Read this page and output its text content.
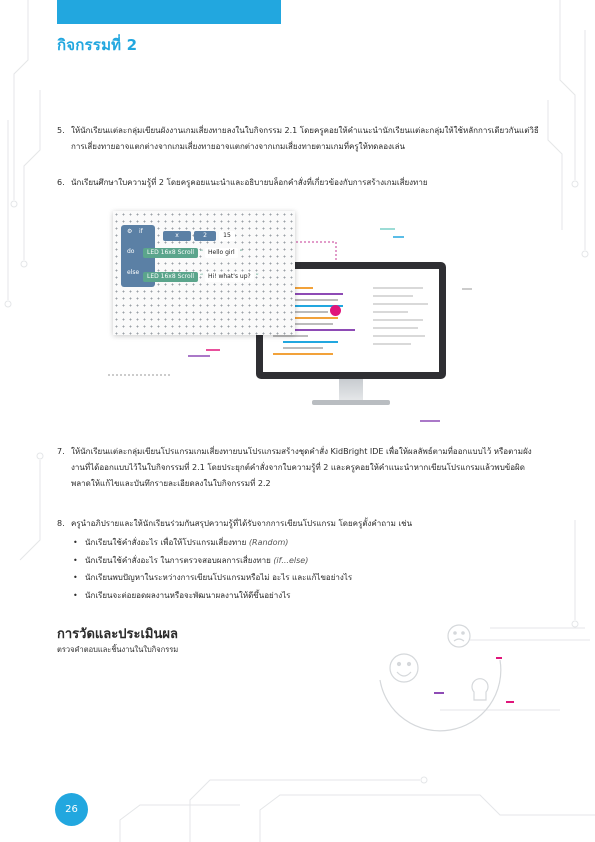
กิจกรรมที่ 2
5. ให้นักเรียนแต่ละกลุ่มเขียนผังงานเกมเสี่ยงทายลงในใบกิจกรรม 2.1 โดยครูคอยให้คำแนะนำนักเรียนแต่ละกลุ่มให้ใช้หลักการเดียวกันแต่วิธีการเสี่ยงทายอาจแตกต่างจากเกมเสี่ยงทายอาจแตกต่างจากเกมเสี่ยงทายตามเกมที่ครูให้ทดลองเล่น
6. นักเรียนศึกษาใบความรู้ที่ 2 โดยครูคอยแนะนำและอธิบายบล็อกคำสั่งที่เกี่ยวข้องกับการสร้างเกมเสี่ยงทาย
⚙ if
do
else
x	2	15
LED 16x8 Scroll “ Hello girl ”
LED 16x8 Scroll “ Hi! what's up? ”
7. ให้นักเรียนแต่ละกลุ่มเขียนโปรแกรมเกมเสี่ยงทายบนโปรแกรมสร้างชุดคำสั่ง KidBright IDE เพื่อให้ผลลัพธ์ตามที่ออกแบบไว้ หรือตามผังงานที่ได้ออกแบบไว้ในใบกิจกรรมที่ 2.1 โดยประยุกต์คำสั่งจากใบความรู้ที่ 2 และครูคอยให้คำแนะนำหากเขียนโปรแกรมแล้วพบข้อผิดพลาดให้แก้ไขและบันทึกรายละเอียดลงในใบกิจกรรมที่ 2.2
8. ครูนำอภิปรายและให้นักเรียนร่วมกันสรุปความรู้ที่ได้รับจากการเขียนโปรแกรม โดยครูตั้งคำถาม เช่น
• นักเรียนใช้คำสั่งอะไร เพื่อให้โปรแกรมเสี่ยงทาย (Random)
• นักเรียนใช้คำสั่งอะไร ในการตรวจสอบผลการเสี่ยงทาย (if...else)
• นักเรียนพบปัญหาในระหว่างการเขียนโปรแกรมหรือไม่ อะไร และแก้ไขอย่างไร
• นักเรียนจะต่อยอดผลงานหรือจะพัฒนาผลงานให้ดีขึ้นอย่างไร
การวัดและประเมินผล
ตรวจคำตอบและชิ้นงานในใบกิจกรรม
26
